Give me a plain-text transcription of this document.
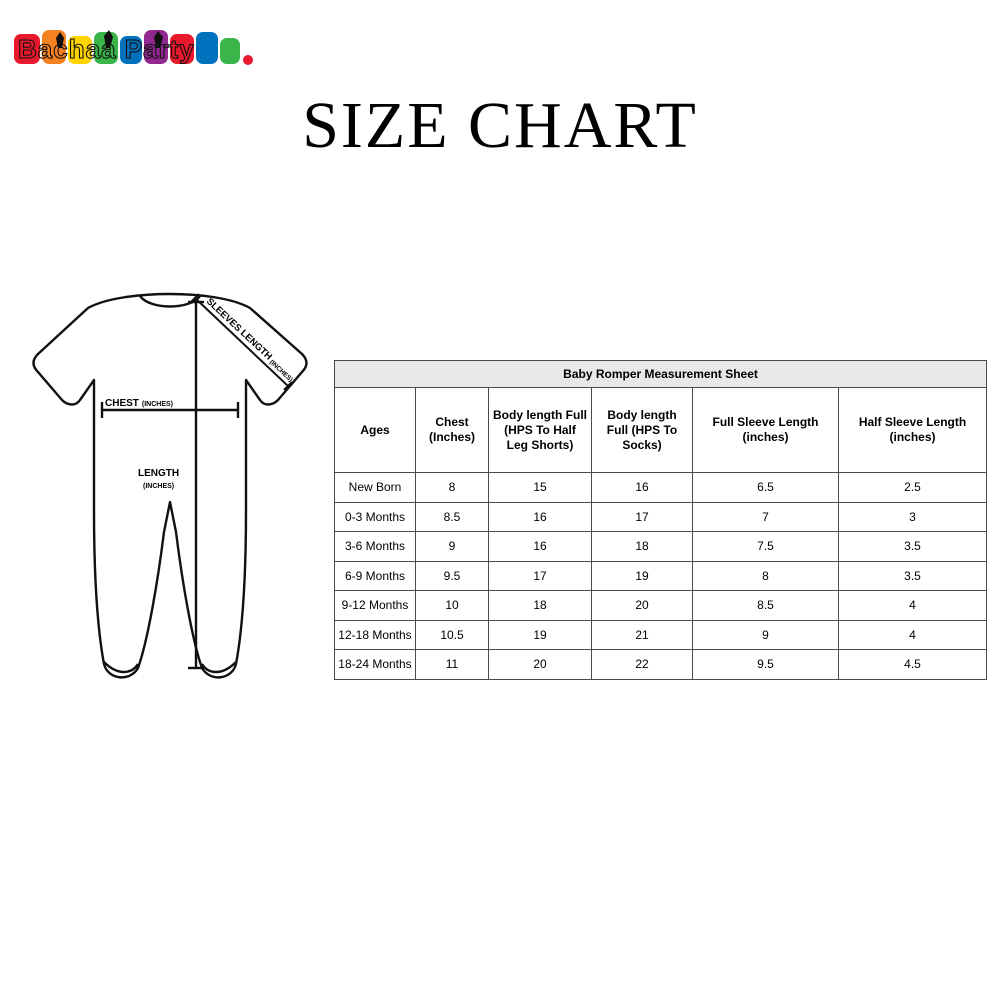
Bachaa Party
SIZE CHART
SLEEVES LENGTH(INCHES)
CHEST (INCHES)
LENGTH
(INCHES)
Baby Romper Measurement Sheet					
Ages	Chest (Inches)	Body length Full (HPS To Half Leg Shorts)	Body length Full (HPS To Socks)	Full Sleeve Length (inches)	Half Sleeve Length (inches)
New Born	8	15	16	6.5	2.5
0-3 Months	8.5	16	17	7	3
3-6 Months	9	16	18	7.5	3.5
6-9 Months	9.5	17	19	8	3.5
9-12 Months	10	18	20	8.5	4
12-18 Months	10.5	19	21	9	4
18-24 Months	11	20	22	9.5	4.5
